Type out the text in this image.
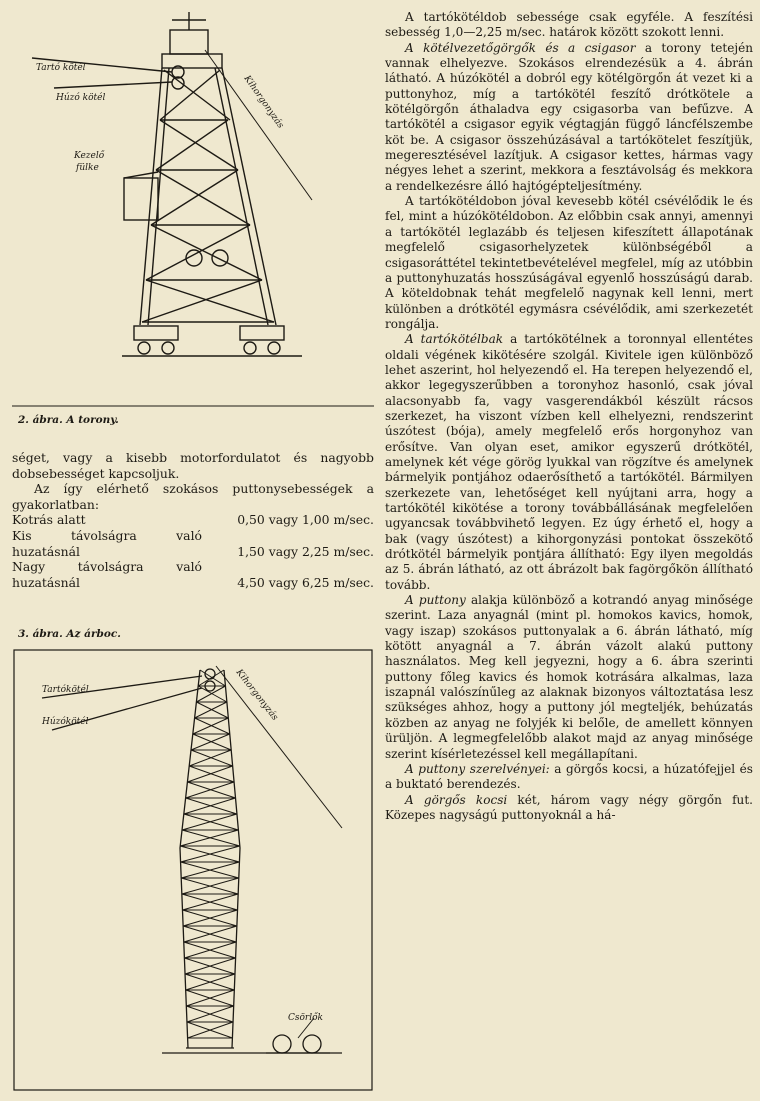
Tartó kötél
Húzó kötél	Kihorgonyzás
Kezelő
fülke
2. ábra. A torony.

séget, vagy a kisebb motorfordulatot és nagyobb dobsebességet kapcsoljuk.

Az így elérhető szokásos puttonysebességek a gyakorlatban:

Kotrás alatt	0,50 vagy 1,00 m/sec.
Kis távolságra való huzatásnál	1,50 vagy 2,25 m/sec.
Nagy távolságra való huzatásnál	4,50 vagy 6,25 m/sec.
3. ábra. Az árboc.
Tartókötél
Húzókötél	Kihorgonyzás
Csörlők

A tartókötéldob sebessége csak egyféle. A feszítési sebesség 1,0—2,25 m/sec. határok között szokott lenni.

A kötélvezetőgörgők és a csigasor a torony tetején vannak elhelyezve. Szokásos elrendezésük a 4. ábrán látható. A húzókötél a dobról egy kötélgörgőn át vezet ki a puttonyhoz, míg a tartókötél feszítő drótkötele a kötélgörgőn áthaladva egy csigasorba van befűzve. A tartókötél a csigasor egyik végtagján függő láncfélszembe köt be. A csigasor összehúzásával a tartókötelet feszítjük, megeresztésével lazítjuk. A csigasor kettes, hármas vagy négyes lehet a szerint, mekkora a fesztávolság és mekkora a rendelkezésre álló hajtógépteljesítmény.

A tartókötéldobon jóval kevesebb kötél csévélődik le és fel, mint a húzókötéldobon. Az előbbin csak annyi, amennyi a tartókötél leglazább és teljesen kifeszített állapotának megfelelő csigasorhelyzetek különbségéből a csigasoráttétel tekintetbevételével megfelel, míg az utóbbin a puttonyhuzatás hosszúságával egyenlő hosszúságú darab. A köteldobnak tehát megfelelő nagynak kell lenni, mert különben a drótkötél egymásra csévélődik, ami szerkezetét rongálja.

A tartókötélbak a tartókötélnek a toronnyal ellentétes oldali végének kikötésére szolgál. Kivitele igen különböző lehet aszerint, hol helyezendő el. Ha terepen helyezendő el, akkor legegyszerűbben a toronyhoz hasonló, csak jóval alacsonyabb fa, vagy vasgerendákból készült rácsos szerkezet, ha viszont vízben kell elhelyezni, rendszerint úszótest (bója), amely megfelelő erős horgonyhoz van erősítve. Van olyan eset, amikor egyszerű drótkötél, amelynek két vége görög lyukkal van rögzítve és amelynek bármelyik pontjához odaerősíthető a tartókötél. Bármilyen szerkezete van, lehetőséget kell nyújtani arra, hogy a tartókötél kikötése a torony továbbállásának megfelelően ugyancsak továbbvihető legyen. Ez úgy érhető el, hogy a bak (vagy úszótest) a kihorgonyzási pontokat összekötő drótkötél bármelyik pontjára állítható: Egy ilyen megoldás az 5. ábrán látható, az ott ábrázolt bak fagörgőkön állítható tovább.

A puttony alakja különböző a kotrandó anyag minősége szerint. Laza anyagnál (mint pl. homokos kavics, homok, vagy iszap) szokásos puttonyalak a 6. ábrán látható, míg kötött anyagnál a 7. ábrán vázolt alakú puttony használatos. Meg kell jegyezni, hogy a 6. ábra szerinti puttony főleg kavics és homok kotrására alkalmas, laza iszapnál valószínűleg az alaknak bizonyos változtatása lesz szükséges ahhoz, hogy a puttony jól megteljék, behúzatás közben az anyag ne folyjék ki belőle, de amellett könnyen ürüljön. A legmegfelelőbb alakot majd az anyag minősége szerint kísérletezéssel kell megállapítani.

A puttony szerelvényei: a görgős kocsi, a húzatófejjel és a buktató berendezés.

A görgős kocsi két, három vagy négy görgőn fut. Közepes nagyságú puttonyoknál a há-
